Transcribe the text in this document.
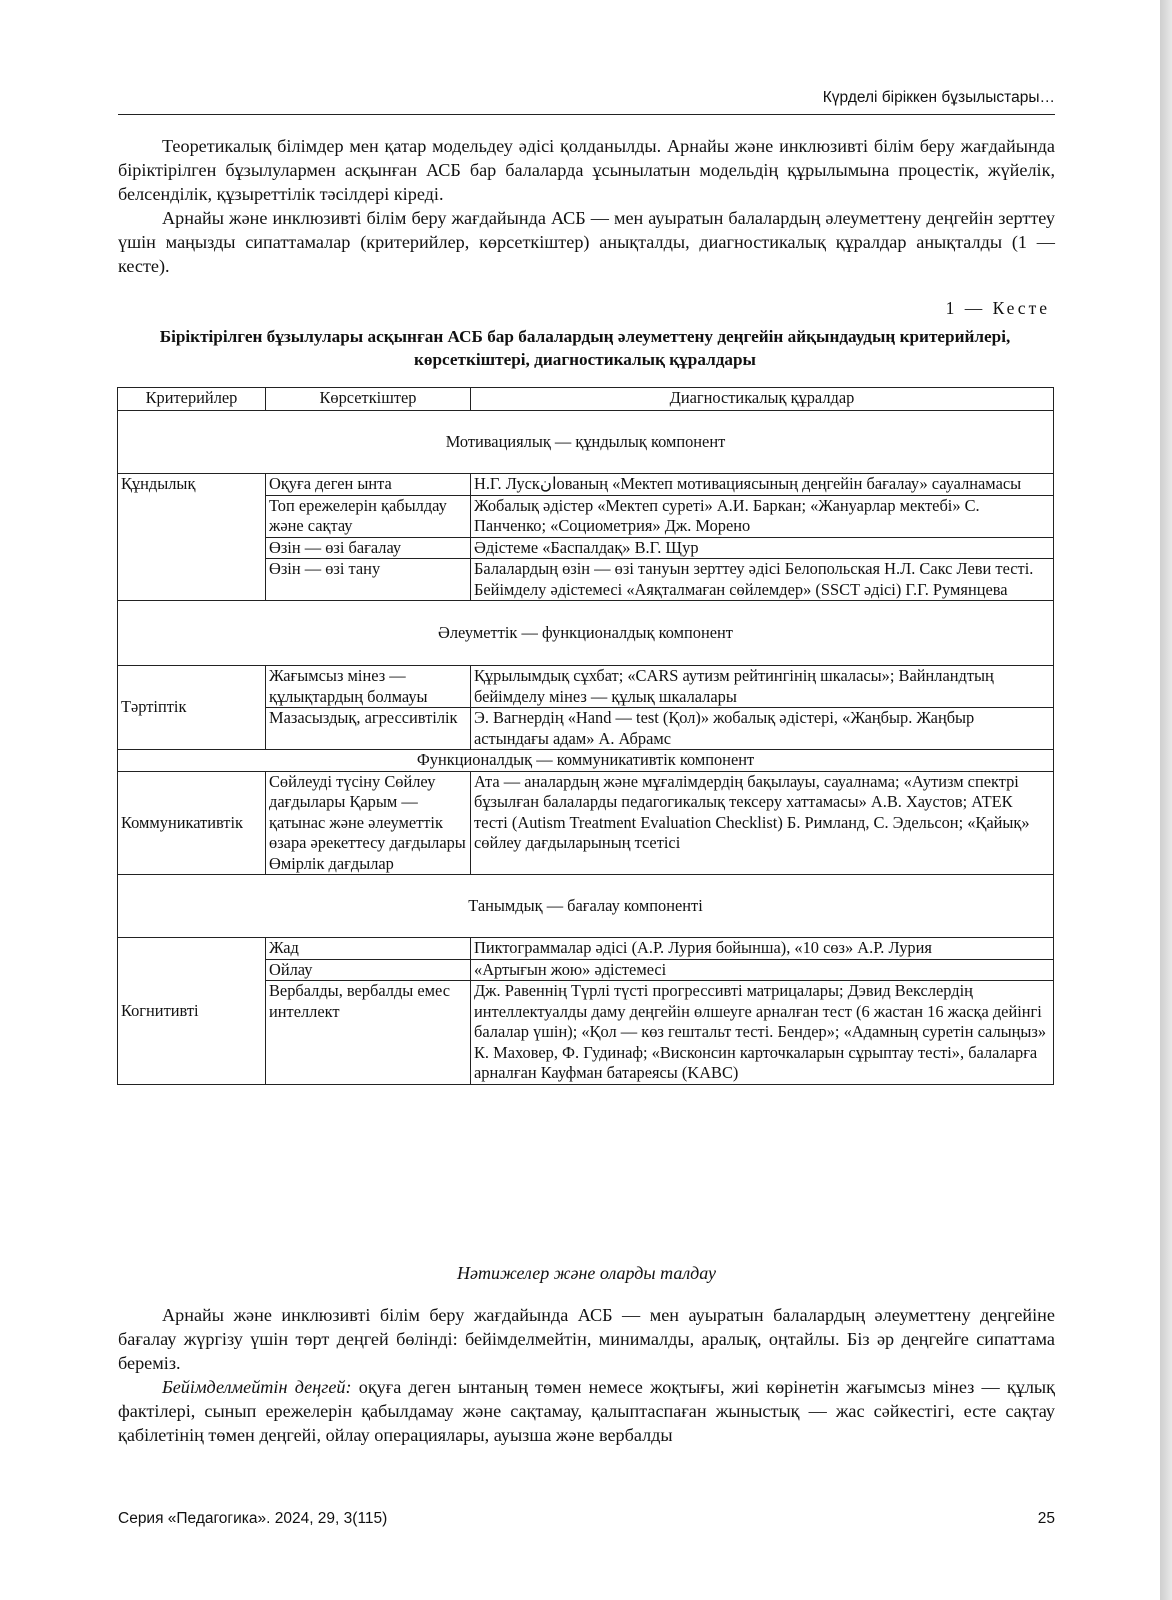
Күрделі біріккен бұзылыстары…

Теоретикалық білімдер мен қатар модельдеу әдісі қолданылды. Арнайы және инклюзивті білім беру жағдайында біріктірілген бұзылулармен асқынған АСБ бар балаларда ұсынылатын модельдің құрылымына процестік, жүйелік, белсенділік, құзыреттілік тәсілдері кіреді.

Арнайы және инклюзивті білім беру жағдайында АСБ — мен ауыратын балалардың әлеуметтену деңгейін зерттеу үшін маңызды сипаттамалар (критерийлер, көрсеткіштер) анықталды, диагностикалық құралдар анықталды (1 — кесте).

1 — Кесте
Біріктірілген бұзылулары асқынған АСБ бар балалардың әлеуметтену деңгейін айқындаудың критерийлері, көрсеткіштері, диагностикалық құралдары
Критерийлер	Көрсеткіштер	Диагностикалық құралдар
Мотивациялық — құндылық компонент		
Құндылық	Оқуға деген ынта	Н.Г. Лускانованың «Мектеп мотивациясының деңгейін бағалау» сауалнамасы
	Топ ережелерін қабылдау және сақтау	Жобалық әдістер «Мектеп суреті» А.И. Баркан; «Жануарлар мектебі» С. Панченко; «Социометрия» Дж. Морено
	Өзін — өзі бағалау	Әдістеме «Баспалдақ» В.Г. Щур
	Өзін — өзі тану	Балалардың өзін — өзі тануын зерттеу әдісі Белопольская Н.Л. Сакс Леви тесті. Бейімделу әдістемесі «Аяқталмаған сөйлемдер» (SSCT әдісі) Г.Г. Румянцева
Әлеуметтік — функционалдық компонент		
Тәртіптік	Жағымсыз мінез — құлықтардың болмауы	Құрылымдық сұхбат; «CARS аутизм рейтингінің шкаласы»; Вайнландтың бейімделу мінез — құлық шкалалары
	Мазасыздық, агрессивтілік	Э. Вагнердің «Hand — test (Қол)» жобалық әдістері, «Жаңбыр. Жаңбыр астындағы адам» А. Абрамс
Функционалдық — коммуникативтік компонент		
Коммуникативтік	Сөйлеуді түсіну Сөйлеу дағдылары Қарым — қатынас және әлеуметтік өзара әрекеттесу дағдылары Өмірлік дағдылар	Ата — аналардың және мұғалімдердің бақылауы, сауалнама; «Аутизм спектрі бұзылған балаларды педагогикалық тексеру хаттамасы» А.В. Хаустов; АТЕК тесті (Autism Treatment Evaluation Checklist) Б. Римланд, С. Эдельсон; «Қайық» сөйлеу дағдыларының тсетісі
Танымдық — бағалау компоненті		
Когнитивті	Жад	Пиктограммалар әдісі (А.Р. Лурия бойынша), «10 сөз» А.Р. Лурия
	Ойлау	«Артығын жою» әдістемесі
	Вербалды, вербалды емес интеллект	Дж. Равеннің Түрлі түсті прогрессивті матрицалары; Дэвид Векслердің интеллектуалды даму деңгейін өлшеуге арналған тест (6 жастан 16 жасқа дейінгі балалар үшін); «Қол — көз гештальт тесті. Бендер»; «Адамның суретін салыңыз» К. Маховер, Ф. Гудинаф; «Висконсин карточкаларын сұрыптау тесті», балаларға арналған Кауфман батареясы (KABC)
Нәтижелер және оларды талдау

Арнайы және инклюзивті білім беру жағдайында АСБ — мен ауыратын балалардың әлеуметтену деңгейіне бағалау жүргізу үшін төрт деңгей бөлінді: бейімделмейтін, минималды, аралық, оңтайлы. Біз әр деңгейге сипаттама береміз.

Бейімделмейтін деңгей: оқуға деген ынтаның төмен немесе жоқтығы, жиі көрінетін жағымсыз мінез — құлық фактілері, сынып ережелерін қабылдамау және сақтамау, қалыптаспаған жыныстық — жас сәйкестігі, есте сақтау қабілетінің төмен деңгейі, ойлау операциялары, ауызша және вербалды

Серия «Педагогика». 2024, 29, 3(115)	25
